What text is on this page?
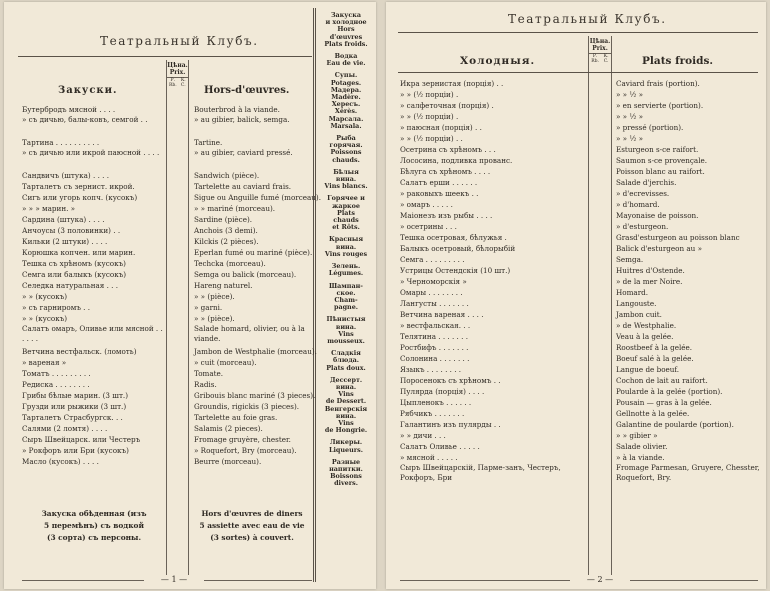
Театральный Клубъ.
Закуски.	Hors-d'œuvres.
Цѣна. Prix.
Р. Rb.
К. C.
Бутербродъ мясной . . . .	Bouterbrod à la viande.
» съ дичью, балы-ковъ, семгой . .	» au gibier, balick, semga.
Тартина . . . . . . . . . .	Tartine.
» съ дичью или икрой паюсной . . . .	» au gibier, caviard pressé.
Сандвичъ (штука) . . . .	Sandwich (pièce).
Тарталетъ съ зернист. икрой.	Tartelette au caviard frais.
Сигъ или угорь копч. (кусокъ)	Sigue ou Anguille fumé (morceau).
» » » марин. »	» » mariné (morceau).
Сардина (штука) . . . .	Sardine (pièce).
Анчоусы (3 половинки) . .	Anchois (3 demi).
Кильки (2 штуки) . . . .	Kilckis (2 pièces).
Корюшка копчен. или марин.	Eperlan fumé ou mariné (pièce).
Тешка съ хрѣномъ (кусокъ)	Techcka (morceau).
Семга или балыкъ (кусокъ)	Semga ou balick (morceau).
Селедка натуральная . . .	Hareng naturel.
» » (кусокъ)	» » (pièce).
» съ гарниромъ . .	» garni.
» » (кусокъ)	» » (pièce).
Салатъ омаръ, Оливье или мясной . . . . . .
Salade homard, olivier, ou à la viande.
Ветчина вестфальск. (ломоть)	Jambon de Westphalie (morceau).
» вареная »	» cuit (morceau).
Томатъ . . . . . . . . .	Tomate.
Редиска . . . . . . . .	Radis.
Грибы бѣлые марин. (3 шт.)	Gribouis blanc mariné (3 pieces).
Грузди или рыжики (3 шт.)	Groundis, rigickis (3 pieces).
Тарталетъ Страсбургск. . .	Tartelette au foie gras.
Салями (2 ломтя) . . . .	Salamis (2 pieces).
Сыръ Швейцарск. или Честеръ	Fromage gruyère, chester.
» Рокфоръ или Бри (кусокъ)	» Roquefort, Bry (morceau).
Масло (кусокъ) . . . .	Beurre (morceau).
Закуска обѣденная (изъ
5 перемѣнъ) съ водкой
(3 сорта) съ персоны.
Hors d'œuvres de diners
5 assiette avec eau de vie
(3 sortes) à couvert.
Закуска
и холодное
Hors
d'œuvres
Plats froids.
Водка
Eau de vie.
Супы.
Potages.
Мадера.
Madère.
Хересъ.
Xérès.
Марсала.
Marsala.
Рыба
горячая.
Poissons
chauds.
Бѣлыя
вина.
Vins blancs.
Горячее и
жаркое
Plats
chauds
et Rôts.
Красныя
вина.
Vins rouges
Зелень.
Légumes.
Шампан-
ское.
Cham-
pagne.
Пѣнистыя
вина.
Vins
mousseux.
Сладкія
блюда.
Plats doux.
Дессерт.
вина.
Vins
de Dessert.
Венгерскія
вина.
Vins
de Hongrie.
Ликеры.
Liqueurs.
Разные
напитки.
Boissons
divers.
— 1 —
Театральный Клубъ.
Холодныя.	Plats froids.
Цѣна. Prix.
Р. Rb.
К. C.
Икра зернистая (порція) . .	Caviard frais (portion).
» » (½ порціи) .	» » ½ »
» салфеточная (порція) .	» en servierte (portion).
» » (½ порціи) .	» » ½ »
» паюсная (порція) . .	» pressé (portion).
» » (½ порціи) . .	» » ½ »
Осетрина съ хрѣномъ . . .	Esturgeon s-ce raifort.
Лососина, подливка прованс.	Saumon s-ce provençale.
Бѣлуга съ хрѣномъ . . . .	Poisson blanc au raifort.
Салатъ ерши . . . . . .	Salade d'jerchis.
» раковыхъ шеекъ . .	» d'ecrevisses.
» омаръ . . . . .	» d'homard.
Маіонезъ изъ рыбы . . . .	Mayonaise de poisson.
» осетрины . . .	» d'esturgeon.
Тешка осетровая, бѣлужья .	Grasd'esturgeon au poisson blanc
Балыкъ осетровый, бѣлорыбій	Balick d'esturgeon au »
Семга . . . . . . . . .	Semga.
Устрицы Остендскія (10 шт.)	Huitres d'Ostende.
» Черноморскія »	» de la mer Noire.
Омары . . . . . . . .	Homard.
Лангусты . . . . . . .	Langouste.
Ветчина вареная . . . .	Jambon cuit.
» вестфальская. . .	» de Westphalie.
Телятина . . . . . . .	Veau à la gelée.
Ростбифъ . . . . . . .	Roostbeef à la gelée.
Солонина . . . . . . .	Boeuf salé à la gelée.
Языкъ . . . . . . . .	Langue de boeuf.
Поросенокъ съ хрѣномъ . .	Cochon de lait au raifort.
Пулярда (порція) . . . .	Poularde à la gelée (portion).
Цыпленокъ . . . . . .	Pousain — gras à la gelée.
Рябчикъ . . . . . . .	Gellnotte à la gelée.
Галантинъ изъ пулярды . .	Galantine de poularde (portion).
» » дичи . . .	» » gibier »
Салатъ Оливье . . . . .	Salade olivier.
» мясной . . . . .	» à la viande.
Сыръ Швейцарскій, Парме-занъ, Честеръ, Рокфоръ, Бри
Fromage Parmesan, Gruyere, Chesster, Roquefort, Bry.
— 2 —
